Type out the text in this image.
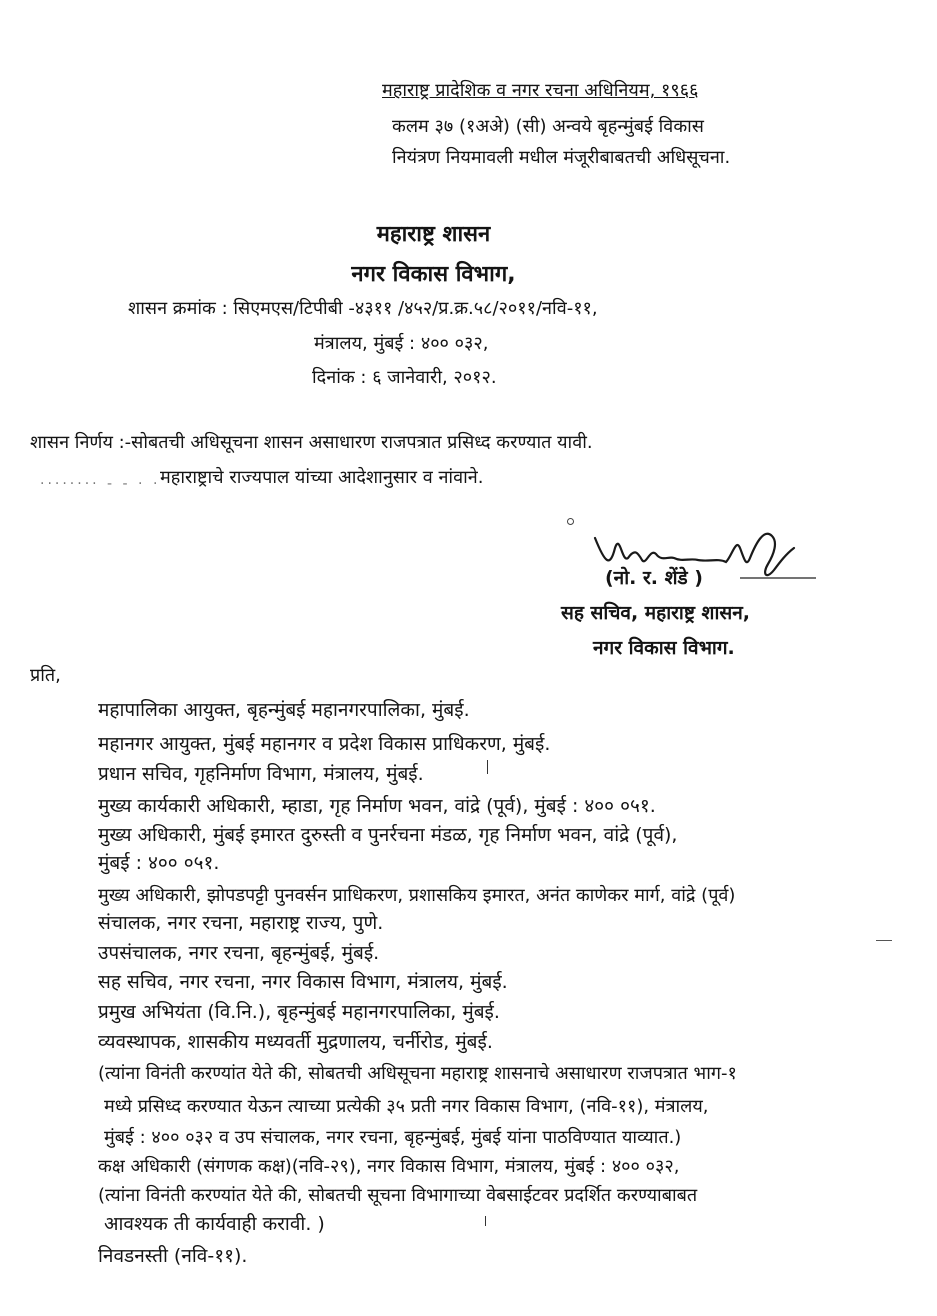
महाराष्ट्र प्रादेशिक व नगर रचना अधिनियम, १९६६
कलम ३७ (१अअे) (सी) अन्वये बृहन्मुंबई विकास
नियंत्रण नियमावली मधील मंजूरीबाबतची अधिसूचना.
महाराष्ट्र शासन
नगर विकास विभाग,
शासन क्रमांक : सिएमएस/टिपीबी -४३११ /४५२/प्र.क्र.५८/२०११/नवि-११,
मंत्रालय, मुंबई : ४०० ०३२,
दिनांक : ६ जानेवारी, २०१२.
शासन निर्णय :-सोबतची अधिसूचना शासन असाधारण राजपत्रात प्रसिध्द करण्यात यावी.
········ - - · · महाराष्ट्राचे राज्यपाल यांच्या आदेशानुसार व नांवाने.
(नो. र. शेंडे )
सह सचिव, महाराष्ट्र शासन,
नगर विकास विभाग.
प्रति,
महापालिका आयुक्त, बृहन्मुंबई महानगरपालिका, मुंबई.
महानगर आयुक्त, मुंबई महानगर व प्रदेश विकास प्राधिकरण, मुंबई.
प्रधान सचिव, गृहनिर्माण विभाग, मंत्रालय, मुंबई.
मुख्य कार्यकारी अधिकारी, म्हाडा, गृह निर्माण भवन, वांद्रे (पूर्व), मुंबई : ४०० ०५१.
मुख्य अधिकारी, मुंबई इमारत दुरुस्ती व पुनर्रचना मंडळ, गृह निर्माण भवन, वांद्रे (पूर्व),
मुंबई : ४०० ०५१.
मुख्य अधिकारी, झोपडपट्टी पुनवर्सन प्राधिकरण, प्रशासकिय इमारत, अनंत काणेकर मार्ग, वांद्रे (पूर्व)
संचालक, नगर रचना, महाराष्ट्र राज्य, पुणे.
उपसंचालक, नगर रचना, बृहन्मुंबई, मुंबई.
सह सचिव, नगर रचना, नगर विकास विभाग, मंत्रालय, मुंबई.
प्रमुख अभियंता (वि.नि.), बृहन्मुंबई महानगरपालिका, मुंबई.
व्यवस्थापक, शासकीय मध्यवर्ती मुद्रणालय, चर्नीरोड, मुंबई.
(त्यांना विनंती करण्यांत येते की, सोबतची अधिसूचना महाराष्ट्र शासनाचे असाधारण राजपत्रात भाग-१
मध्ये प्रसिध्द करण्यात येऊन त्याच्या प्रत्येकी ३५ प्रती नगर विकास विभाग, (नवि-११), मंत्रालय,
मुंबई : ४०० ०३२ व उप संचालक, नगर रचना, बृहन्मुंबई, मुंबई यांना पाठविण्यात याव्यात.)
कक्ष अधिकारी (संगणक कक्ष)(नवि-२९), नगर विकास विभाग, मंत्रालय, मुंबई : ४०० ०३२,
(त्यांना विनंती करण्यांत येते की, सोबतची सूचना विभागाच्या वेबसाईटवर प्रदर्शित करण्याबाबत
आवश्यक ती कार्यवाही करावी. )
निवडनस्ती (नवि-११).
